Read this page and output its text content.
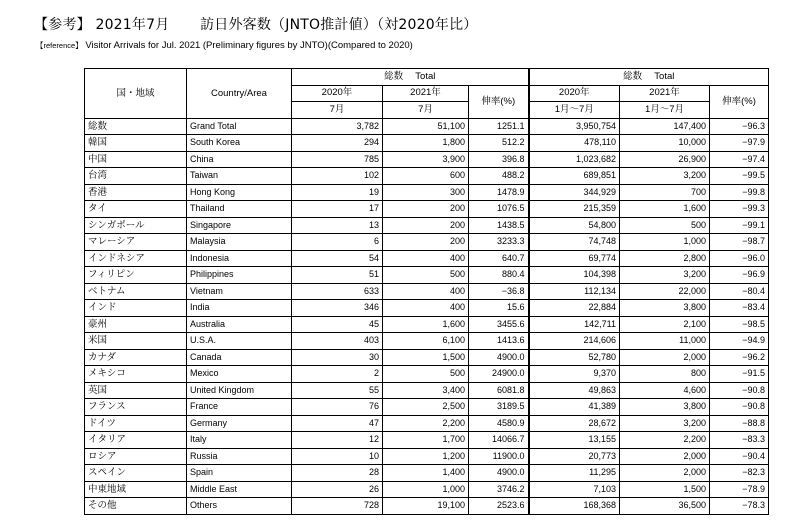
【参考】 2021年7月 訪日外客数（JNTO推計値）（対2020年比）
【reference】 Visitor Arrivals for Jul. 2021 (Preliminary figures by JNTO)(Compared to 2020)
国・地域	Country/Area	総数　 Total			総数　 Total		

		2020年	2021年	伸率(%)	2020年	2021年	伸率(%)
		7月	7月		1月～7月	1月～7月	
総数	Grand Total	3,782	51,100	1251.1	3,950,754	147,400	−96.3
韓国	South Korea	294	1,800	512.2	478,110	10,000	−97.9
中国	China	785	3,900	396.8	1,023,682	26,900	−97.4
台湾	Taiwan	102	600	488.2	689,851	3,200	−99.5
香港	Hong Kong	19	300	1478.9	344,929	700	−99.8
タイ	Thailand	17	200	1076.5	215,359	1,600	−99.3
シンガポール	Singapore	13	200	1438.5	54,800	500	−99.1
マレーシア	Malaysia	6	200	3233.3	74,748	1,000	−98.7
インドネシア	Indonesia	54	400	640.7	69,774	2,800	−96.0
フィリピン	Philippines	51	500	880.4	104,398	3,200	−96.9
ベトナム	Vietnam	633	400	−36.8	112,134	22,000	−80.4
インド	India	346	400	15.6	22,884	3,800	−83.4
豪州	Australia	45	1,600	3455.6	142,711	2,100	−98.5
米国	U.S.A.	403	6,100	1413.6	214,606	11,000	−94.9
カナダ	Canada	30	1,500	4900.0	52,780	2,000	−96.2
メキシコ	Mexico	2	500	24900.0	9,370	800	−91.5
英国	United Kingdom	55	3,400	6081.8	49,863	4,600	−90.8
フランス	France	76	2,500	3189.5	41,389	3,800	−90.8
ドイツ	Germany	47	2,200	4580.9	28,672	3,200	−88.8
イタリア	Italy	12	1,700	14066.7	13,155	2,200	−83.3
ロシア	Russia	10	1,200	11900.0	20,773	2,000	−90.4
スペイン	Spain	28	1,400	4900.0	11,295	2,000	−82.3
中東地域	Middle East	26	1,000	3746.2	7,103	1,500	−78.9
その他	Others	728	19,100	2523.6	168,368	36,500	−78.3
